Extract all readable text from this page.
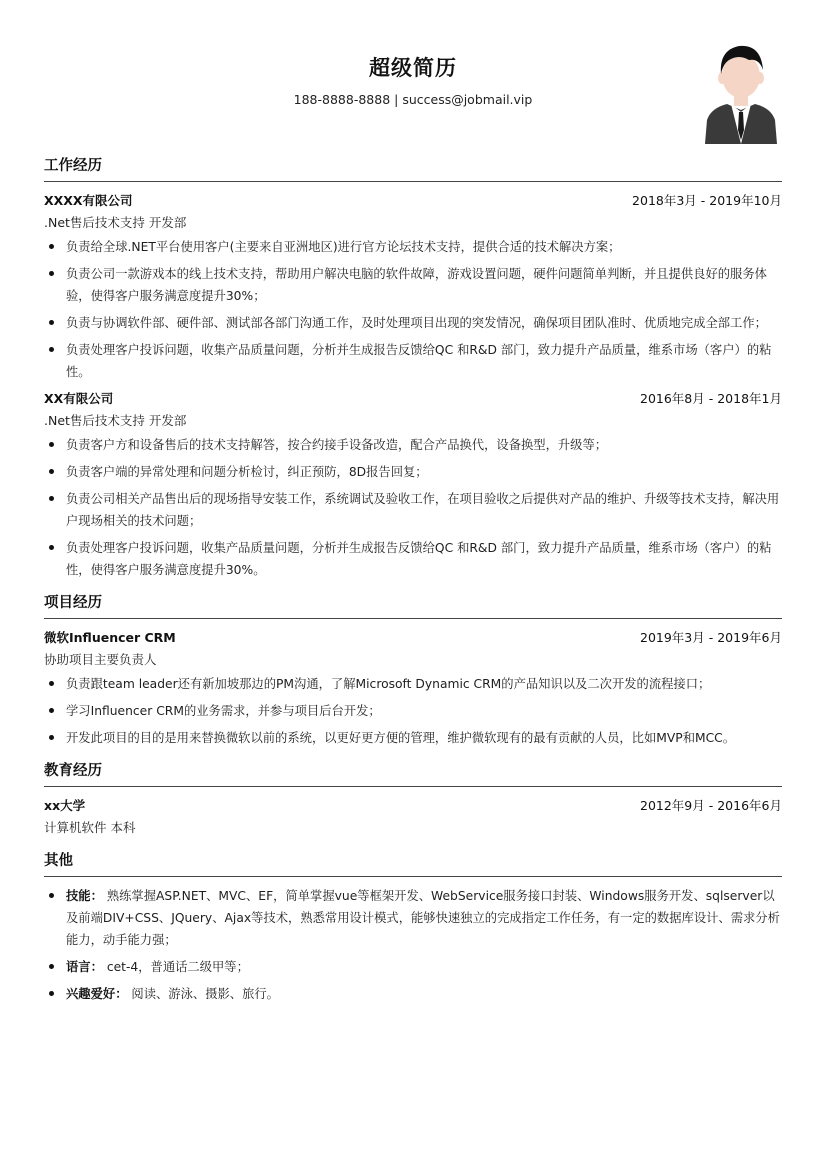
超级简历
188-8888-8888 | success@jobmail.vip
工作经历
XXXX有限公司	2018年3月 - 2019年10月
.Net售后技术支持 开发部
负责给全球.NET平台使用客户(主要来自亚洲地区)进行官方论坛技术支持，提供合适的技术解决方案；
负责公司一款游戏本的线上技术支持，帮助用户解决电脑的软件故障，游戏设置问题，硬件问题简单判断，并且提供良好的服务体验，使得客户服务满意度提升30%；
负责与协调软件部、硬件部、测试部各部门沟通工作，及时处理项目出现的突发情况，确保项目团队准时、优质地完成全部工作；
负责处理客户投诉问题，收集产品质量问题，分析并生成报告反馈给QC 和R&D 部门，致力提升产品质量，维系市场（客户）的粘性。
XX有限公司	2016年8月 - 2018年1月
.Net售后技术支持 开发部
负责客户方和设备售后的技术支持解答，按合约接手设备改造，配合产品换代，设备换型，升级等；
负责客户端的异常处理和问题分析检讨，纠正预防，8D报告回复；
负责公司相关产品售出后的现场指导安装工作，系统调试及验收工作，在项目验收之后提供对产品的维护、升级等技术支持，解决用户现场相关的技术问题；
负责处理客户投诉问题，收集产品质量问题，分析并生成报告反馈给QC 和R&D 部门，致力提升产品质量，维系市场（客户）的粘性，使得客户服务满意度提升30%。
项目经历
微软Influencer CRM	2019年3月 - 2019年6月
协助项目主要负责人
负责跟team leader还有新加坡那边的PM沟通，了解Microsoft Dynamic CRM的产品知识以及二次开发的流程接口；
学习Influencer CRM的业务需求，并参与项目后台开发；
开发此项目的目的是用来替换微软以前的系统，以更好更方便的管理，维护微软现有的最有贡献的人员，比如MVP和MCC。
教育经历
xx大学	2012年9月 - 2016年6月
计算机软件 本科
其他
技能： 熟练掌握ASP.NET、MVC、EF，简单掌握vue等框架开发、WebService服务接口封装、Windows服务开发、sqlserver以及前端DIV+CSS、JQuery、Ajax等技术，熟悉常用设计模式，能够快速独立的完成指定工作任务，有一定的数据库设计、需求分析能力，动手能力强；
语言： cet-4，普通话二级甲等；
兴趣爱好： 阅读、游泳、摄影、旅行。
